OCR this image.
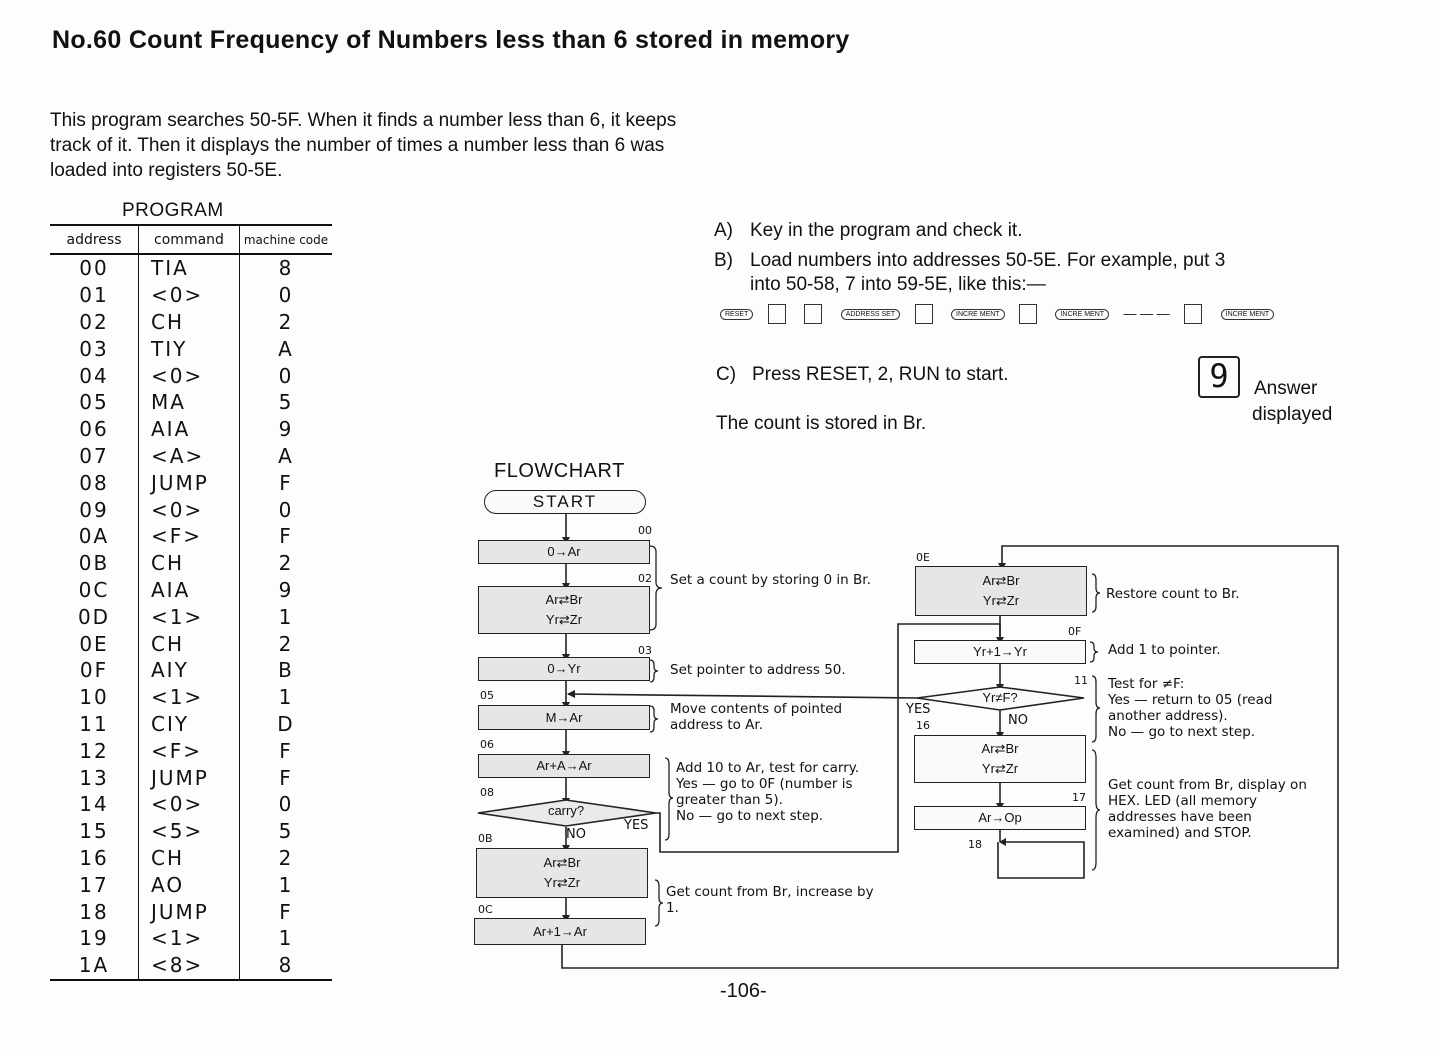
No.60 Count Frequency of Numbers less than 6 stored in memory
This program searches 50-5F. When it finds a number less than 6, it keeps track of it. Then it displays the number of times a number less than 6 was loaded into registers 50-5E.
PROGRAM
address	command	machine code
00	TIA	8
01	<0>	0
02	CH	2
03	TIY	A
04	<0>	0
05	MA	5
06	AIA	9
07	<A>	A
08	JUMP	F
09	<0>	0
0A	<F>	F
0B	CH	2
0C	AIA	9
0D	<1>	1
0E	CH	2
0F	AIY	B
10	<1>	1
11	CIY	D
12	<F>	F
13	JUMP	F
14	<0>	0
15	<5>	5
16	CH	2
17	AO	1
18	JUMP	F
19	<1>	1
1A	<8>	8
A) Key in the program and check it.
B) Load numbers into addresses 50-5E. For example, put 3
into 50-58, 7 into 59-5E, like this:—
RESET	ADDRESS SET	INCRE MENT	INCRE MENT — — —	INCRE MENT
C) Press RESET, 2, RUN to start.
The count is stored in Br.
9	Answer
displayed
FLOWCHART
START
0→Ar
Ar⇄Br
Yr⇄Zr
0→Yr
M→Ar
Ar+A→Ar
carry?
Ar⇄Br
Yr⇄Zr
Ar+1→Ar
Ar⇄Br
Yr⇄Zr
Yr+1→Yr
Yr≠F?
Ar⇄Br
Yr⇄Zr
Ar→Op
00
02
03
05
06
08
0B
0C
0E
0F
11
16
17
18
YES
NO
YES
NO
Set a count by storing 0 in Br.
Set pointer to address 50.
Move contents of pointed address to Ar.
Add 10 to Ar, test for carry.
Yes — go to 0F (number is greater than 5).
No — go to next step.
Get count from Br, increase by 1.
Restore count to Br.
Add 1 to pointer.
Test for ≠F:
Yes — return to 05 (read another address).
No — go to next step.
Get count from Br, display on HEX. LED (all memory addresses have been examined) and STOP.
-106-
